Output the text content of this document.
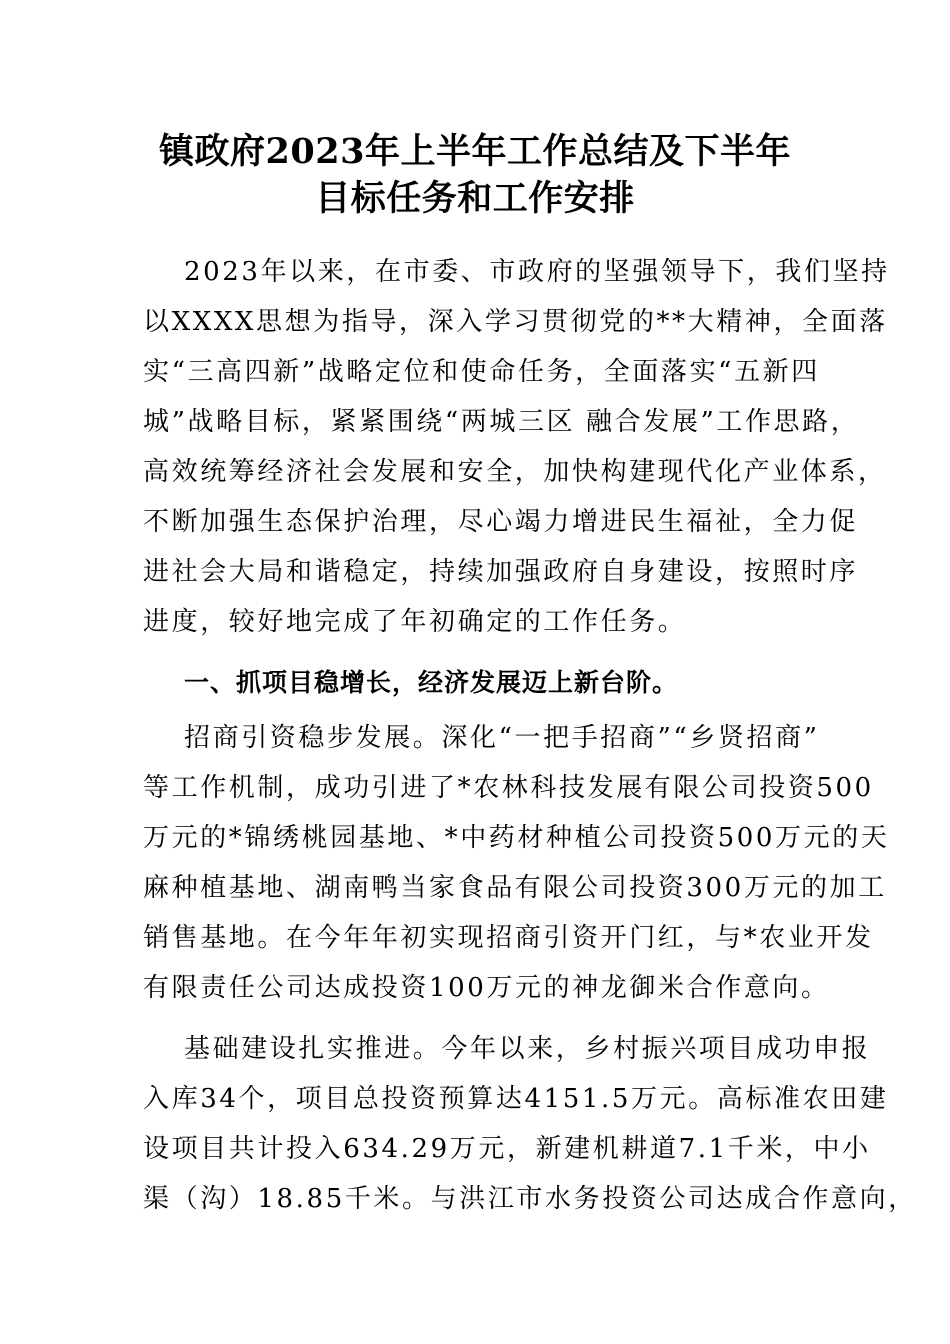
镇政府2023年上半年工作总结及下半年
目标任务和工作安排
2023年以来，在市委、市政府的坚强领导下，我们坚持
以XXXX思想为指导，深入学习贯彻党的**大精神，全面落
实“三高四新”战略定位和使命任务，全面落实“五新四
城”战略目标，紧紧围绕“两城三区 融合发展”工作思路，
高效统筹经济社会发展和安全，加快构建现代化产业体系，
不断加强生态保护治理，尽心竭力增进民生福祉，全力促
进社会大局和谐稳定，持续加强政府自身建设，按照时序
进度，较好地完成了年初确定的工作任务。
一、抓项目稳增长，经济发展迈上新台阶。
招商引资稳步发展。深化“一把手招商”“乡贤招商”
等工作机制，成功引进了*农林科技发展有限公司投资500
万元的*锦绣桃园基地、*中药材种植公司投资500万元的天
麻种植基地、湖南鸭当家食品有限公司投资300万元的加工
销售基地。在今年年初实现招商引资开门红，与*农业开发
有限责任公司达成投资100万元的神龙御米合作意向。
基础建设扎实推进。今年以来，乡村振兴项目成功申报
入库34个，项目总投资预算达4151.5万元。高标准农田建
设项目共计投入634.29万元，新建机耕道7.1千米，中小
渠（沟）18.85千米。与洪江市水务投资公司达成合作意向，
